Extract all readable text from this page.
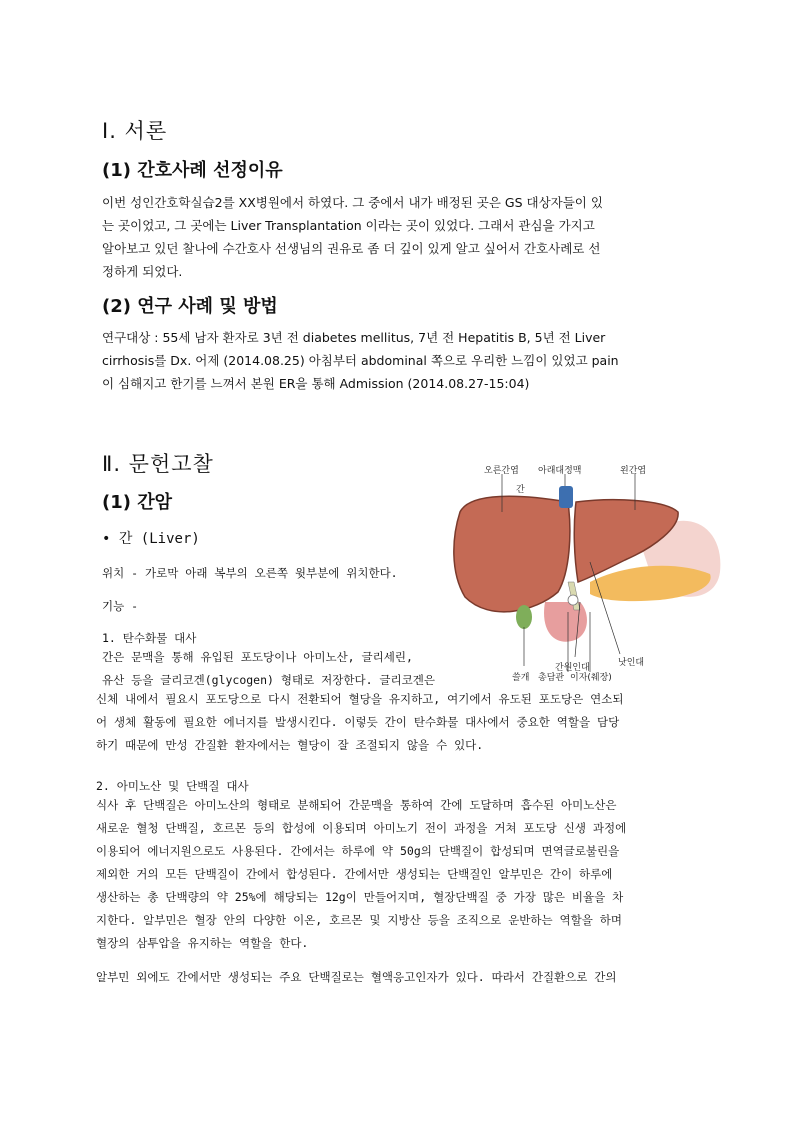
Ⅰ. 서론
(1) 간호사례 선정이유
이번 성인간호학실습2를 XX병원에서 하였다. 그 중에서 내가 배정된 곳은 GS 대상자들이 있
는 곳이었고, 그 곳에는 Liver Transplantation 이라는 곳이 있었다. 그래서 관심을 가지고
알아보고 있던 찰나에 수간호사 선생님의 권유로 좀 더 깊이 있게 알고 싶어서 간호사례로 선
정하게 되었다.
(2) 연구 사례 및 방법
연구대상 : 55세 남자 환자로 3년 전 diabetes mellitus, 7년 전 Hepatitis B, 5년 전 Liver
cirrhosis를 Dx. 어제 (2014.08.25) 아침부터 abdominal 쪽으로 우리한 느낌이 있었고 pain
이 심해지고 한기를 느껴서 본원 ER을 통해 Admission (2014.08.27-15:04)
Ⅱ. 문헌고찰
(1) 간암
• 간 (Liver)
위치 - 가로막 아래 복부의 오른쪽 윗부분에 위치한다.
기능 -
1. 탄수화물 대사
간은 문맥을 통해 유입된 포도당이나 아미노산, 글리세린,
유산 등을 글리코겐(glycogen) 형태로 저장한다. 글리코겐은
신체 내에서 필요시 포도당으로 다시 전환되어 혈당을 유지하고, 여기에서 유도된 포도당은 연소되
어 생체 활동에 필요한 에너지를 발생시킨다. 이렇듯 간이 탄수화물 대사에서 중요한 역할을 담당
하기 때문에 만성 간질환 환자에서는 혈당이 잘 조절되지 않을 수 있다.
2. 아미노산 및 단백질 대사
식사 후 단백질은 아미노산의 형태로 분해되어 간문맥을 통하여 간에 도달하며 흡수된 아미노산은
새로운 혈청 단백질, 호르몬 등의 합성에 이용되며 아미노기 전이 과정을 거쳐 포도당 신생 과정에
이용되어 에너지원으로도 사용된다. 간에서는 하루에 약 50g의 단백질이 합성되며 면역글로불린을
제외한 거의 모든 단백질이 간에서 합성된다. 간에서만 생성되는 단백질인 알부민은 간이 하루에
생산하는 총 단백량의 약 25%에 해당되는 12g이 만들어지며, 혈장단백질 중 가장 많은 비율을 차
지한다. 알부민은 혈장 안의 다양한 이온, 호르몬 및 지방산 등을 조직으로 운반하는 역할을 하며
혈장의 삼투압을 유지하는 역할을 한다.
알부민 외에도 간에서만 생성되는 주요 단백질로는 혈액응고인자가 있다. 따라서 간질환으로 간의
오른간엽 아래대정맥	왼간엽
간
낫인대
간원인대
쓸개 총담관 이자(췌장)
